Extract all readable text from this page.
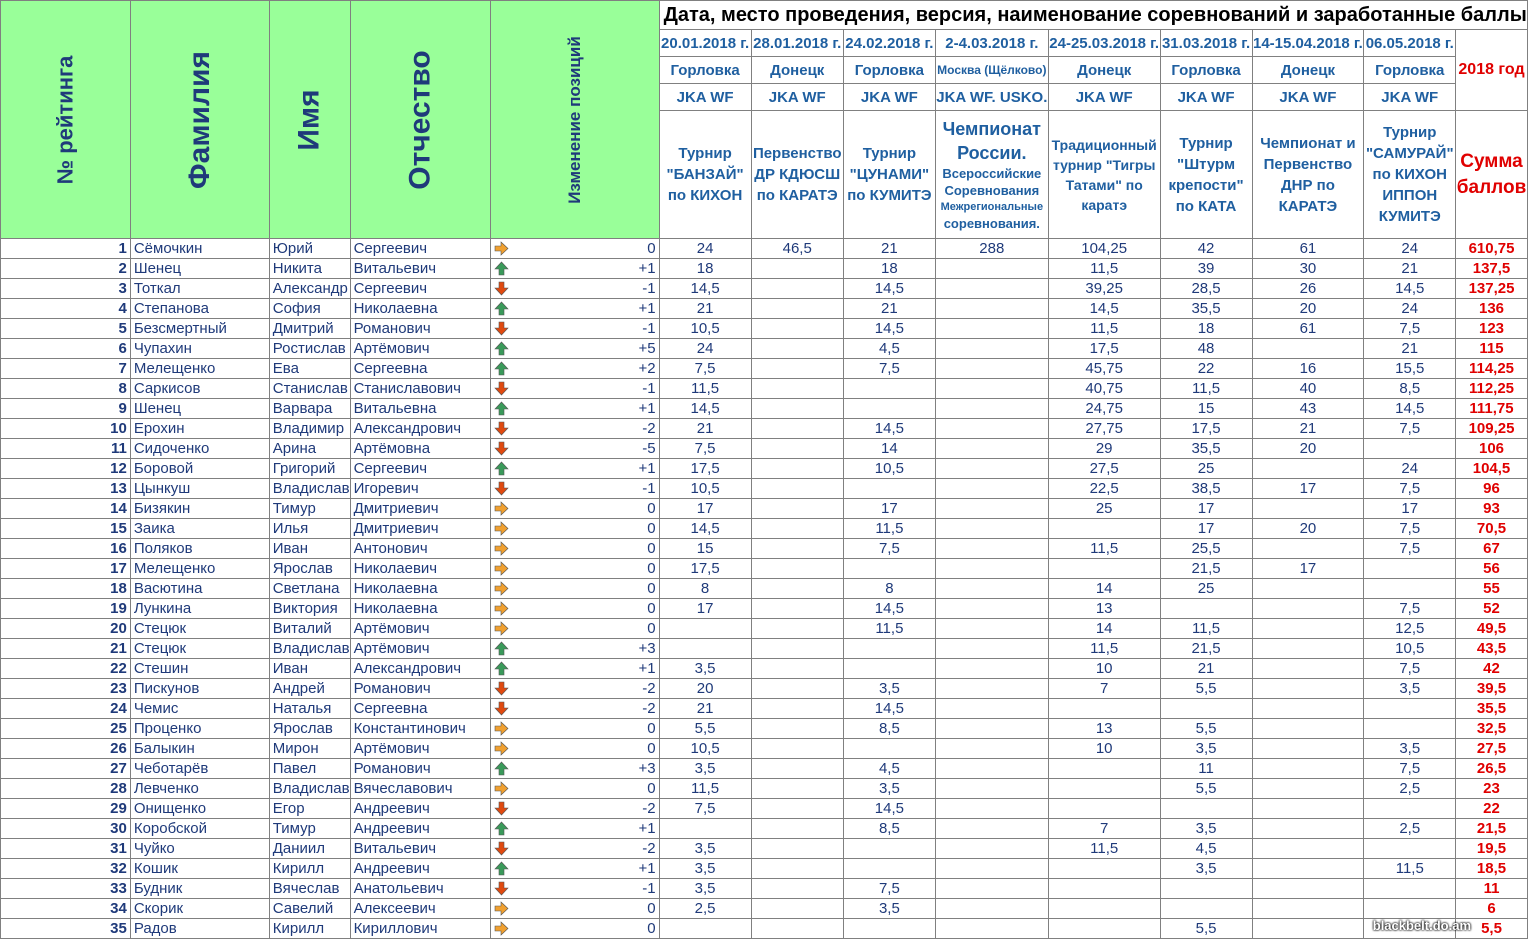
№ рейтинга	Фамилия	Имя	Отчество	Изменение позиций	Дата, место проведения, версия, наименование соревнований и заработанные баллы								
					20.01.2018 г.	28.01.2018 г.	24.02.2018 г.	2-4.03.2018 г.	24-25.03.2018 г.	31.03.2018 г.	14-15.04.2018 г.	06.05.2018 г.	2018 год
					Горловка	Донецк	Горловка	Москва (Щёлково)	Донецк	Горловка	Донецк	Горловка	
					JKA WF	JKA WF	JKA WF	JKA WF. USKO.	JKA WF	JKA WF	JKA WF	JKA WF	
					Турнир "БАНЗАЙ" по КИХОН	Первенство ДР КДЮСШ по КАРАТЭ	Турнир "ЦУНАМИ" по КУМИТЭ	Чемпионат России.
Всероссийские Соревнования
Межрегиональные
соревнования.	Традиционный турнир "Тигры Татами" по каратэ	Турнир "Штурм крепости" по КАТА	Чемпионат и Первенство ДНР по КАРАТЭ	Турнир "САМУРАЙ" по КИХОН ИППОН КУМИТЭ	Сумма баллов
1	Сёмочкин	Юрий	Сергеевич	0	24	46,5	21	288	104,25	42	61	24	610,75
2	Шенец	Никита	Витальевич	+1	18		18		11,5	39	30	21	137,5
3	Тоткал	Александр	Сергеевич	-1	14,5		14,5		39,25	28,5	26	14,5	137,25
4	Степанова	София	Николаевна	+1	21		21		14,5	35,5	20	24	136
5	Безсмертный	Дмитрий	Романович	-1	10,5		14,5		11,5	18	61	7,5	123
6	Чупахин	Ростислав	Артёмович	+5	24		4,5		17,5	48		21	115
7	Мелещенко	Ева	Сергеевна	+2	7,5		7,5		45,75	22	16	15,5	114,25
8	Саркисов	Станислав	Станиславович	-1	11,5				40,75	11,5	40	8,5	112,25
9	Шенец	Варвара	Витальевна	+1	14,5				24,75	15	43	14,5	111,75
10	Ерохин	Владимир	Александрович	-2	21		14,5		27,75	17,5	21	7,5	109,25
11	Сидоченко	Арина	Артёмовна	-5	7,5		14		29	35,5	20		106
12	Боровой	Григорий	Сергеевич	+1	17,5		10,5		27,5	25		24	104,5
13	Цынкуш	Владислав	Игоревич	-1	10,5				22,5	38,5	17	7,5	96
14	Бизякин	Тимур	Дмитриевич	0	17		17		25	17		17	93
15	Заика	Илья	Дмитриевич	0	14,5		11,5			17	20	7,5	70,5
16	Поляков	Иван	Антонович	0	15		7,5		11,5	25,5		7,5	67
17	Мелещенко	Ярослав	Николаевич	0	17,5					21,5	17		56
18	Васютина	Светлана	Николаевна	0	8		8		14	25			55
19	Лункина	Виктория	Николаевна	0	17		14,5		13			7,5	52
20	Стецюк	Виталий	Артёмович	0			11,5		14	11,5		12,5	49,5
21	Стецюк	Владислав	Артёмович	+3					11,5	21,5		10,5	43,5
22	Стешин	Иван	Александрович	+1	3,5				10	21		7,5	42
23	Пискунов	Андрей	Романович	-2	20		3,5		7	5,5		3,5	39,5
24	Чемис	Наталья	Сергеевна	-2	21		14,5						35,5
25	Проценко	Ярослав	Константинович	0	5,5		8,5		13	5,5			32,5
26	Балыкин	Мирон	Артёмович	0	10,5				10	3,5		3,5	27,5
27	Чеботарёв	Павел	Романович	+3	3,5		4,5			11		7,5	26,5
28	Левченко	Владислав	Вячеславович	0	11,5		3,5			5,5		2,5	23
29	Онищенко	Егор	Андреевич	-2	7,5		14,5						22
30	Коробской	Тимур	Андреевич	+1			8,5		7	3,5		2,5	21,5
31	Чуйко	Даниил	Витальевич	-2	3,5				11,5	4,5			19,5
32	Кошик	Кирилл	Андреевич	+1	3,5					3,5		11,5	18,5
33	Будник	Вячеслав	Анатольевич	-1	3,5		7,5						11
34	Скорик	Савелий	Алексеевич	0	2,5		3,5						6
35	Радов	Кирилл	Кириллович	0						5,5			5,5
blackbelt.do.am
